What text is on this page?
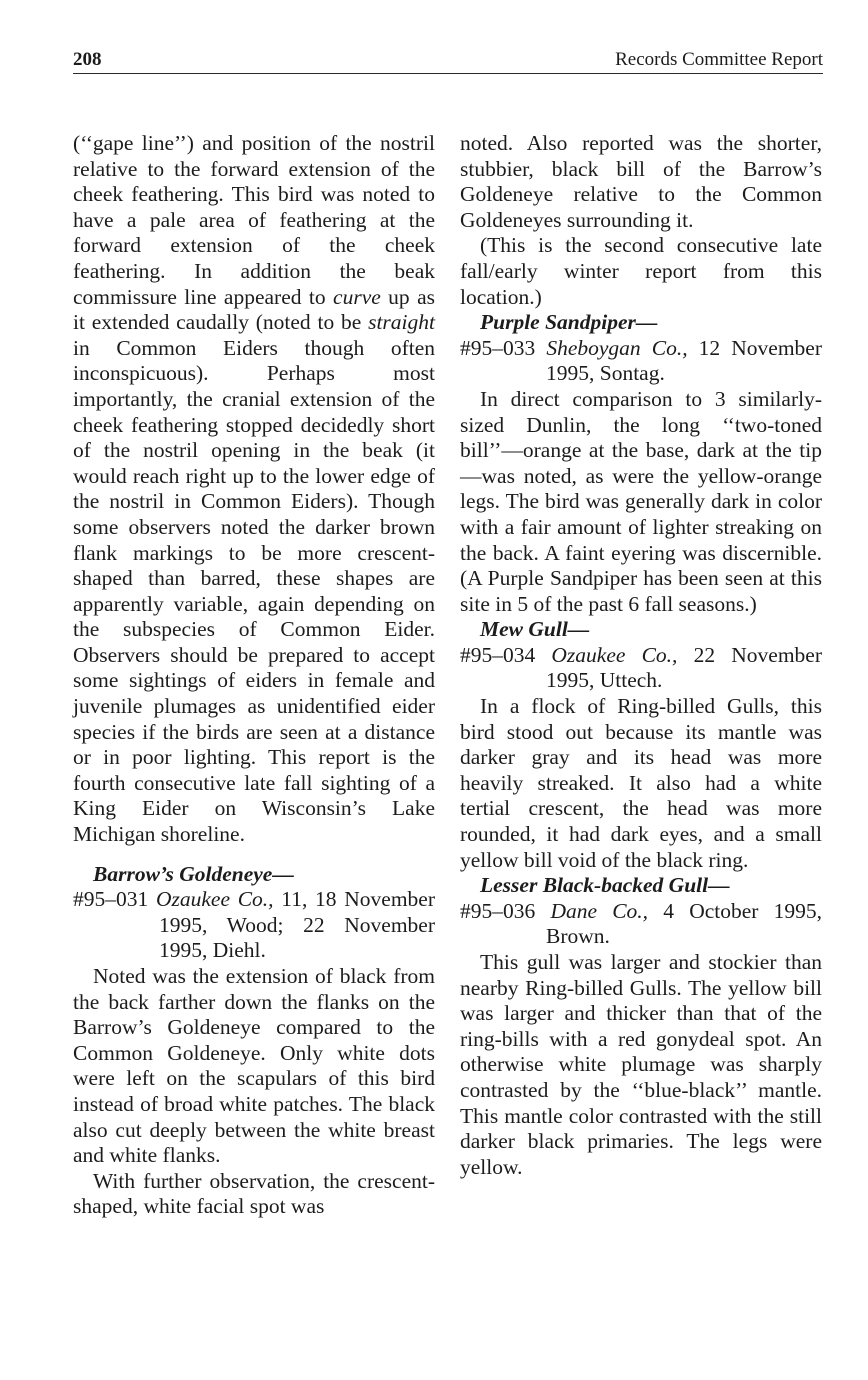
208	Records Committee Report

(‘‘gape line’’) and position of the nostril relative to the forward extension of the cheek feathering. This bird was noted to have a pale area of feathering at the forward extension of the cheek feathering. In addition the beak commissure line appeared to curve up as it extended caudally (noted to be straight in Common Eiders though often inconspicuous). Perhaps most importantly, the cranial extension of the cheek feathering stopped decidedly short of the nostril opening in the beak (it would reach right up to the lower edge of the nostril in Common Eiders). Though some observers noted the darker brown flank markings to be more crescent-shaped than barred, these shapes are apparently variable, again depending on the subspecies of Common Eider. Observers should be prepared to accept some sightings of eiders in female and juvenile plumages as unidentified eider species if the birds are seen at a distance or in poor lighting. This report is the fourth consecutive late fall sighting of a King Eider on Wisconsin’s Lake Michigan shoreline.

Barrow’s Goldeneye—

#95–031 Ozaukee Co., 11, 18 November 1995, Wood; 22 November 1995, Diehl.

Noted was the extension of black from the back farther down the flanks on the Barrow’s Goldeneye compared to the Common Goldeneye. Only white dots were left on the scapulars of this bird instead of broad white patches. The black also cut deeply between the white breast and white flanks.

With further observation, the crescent-shaped, white facial spot was

noted. Also reported was the shorter, stubbier, black bill of the Barrow’s Goldeneye relative to the Common Goldeneyes surrounding it.

(This is the second consecutive late fall/early winter report from this location.)

Purple Sandpiper—

#95–033 Sheboygan Co., 12 November 1995, Sontag.

In direct comparison to 3 similarly-sized Dunlin, the long ‘‘two-toned bill’’—orange at the base, dark at the tip—was noted, as were the yellow-orange legs. The bird was generally dark in color with a fair amount of lighter streaking on the back. A faint eyering was discernible. (A Purple Sandpiper has been seen at this site in 5 of the past 6 fall seasons.)

Mew Gull—

#95–034 Ozaukee Co., 22 November 1995, Uttech.

In a flock of Ring-billed Gulls, this bird stood out because its mantle was darker gray and its head was more heavily streaked. It also had a white tertial crescent, the head was more rounded, it had dark eyes, and a small yellow bill void of the black ring.

Lesser Black-backed Gull—

#95–036 Dane Co., 4 October 1995, Brown.

This gull was larger and stockier than nearby Ring-billed Gulls. The yellow bill was larger and thicker than that of the ring-bills with a red gonydeal spot. An otherwise white plumage was sharply contrasted by the ‘‘blue-black’’ mantle. This mantle color contrasted with the still darker black primaries. The legs were yellow.
